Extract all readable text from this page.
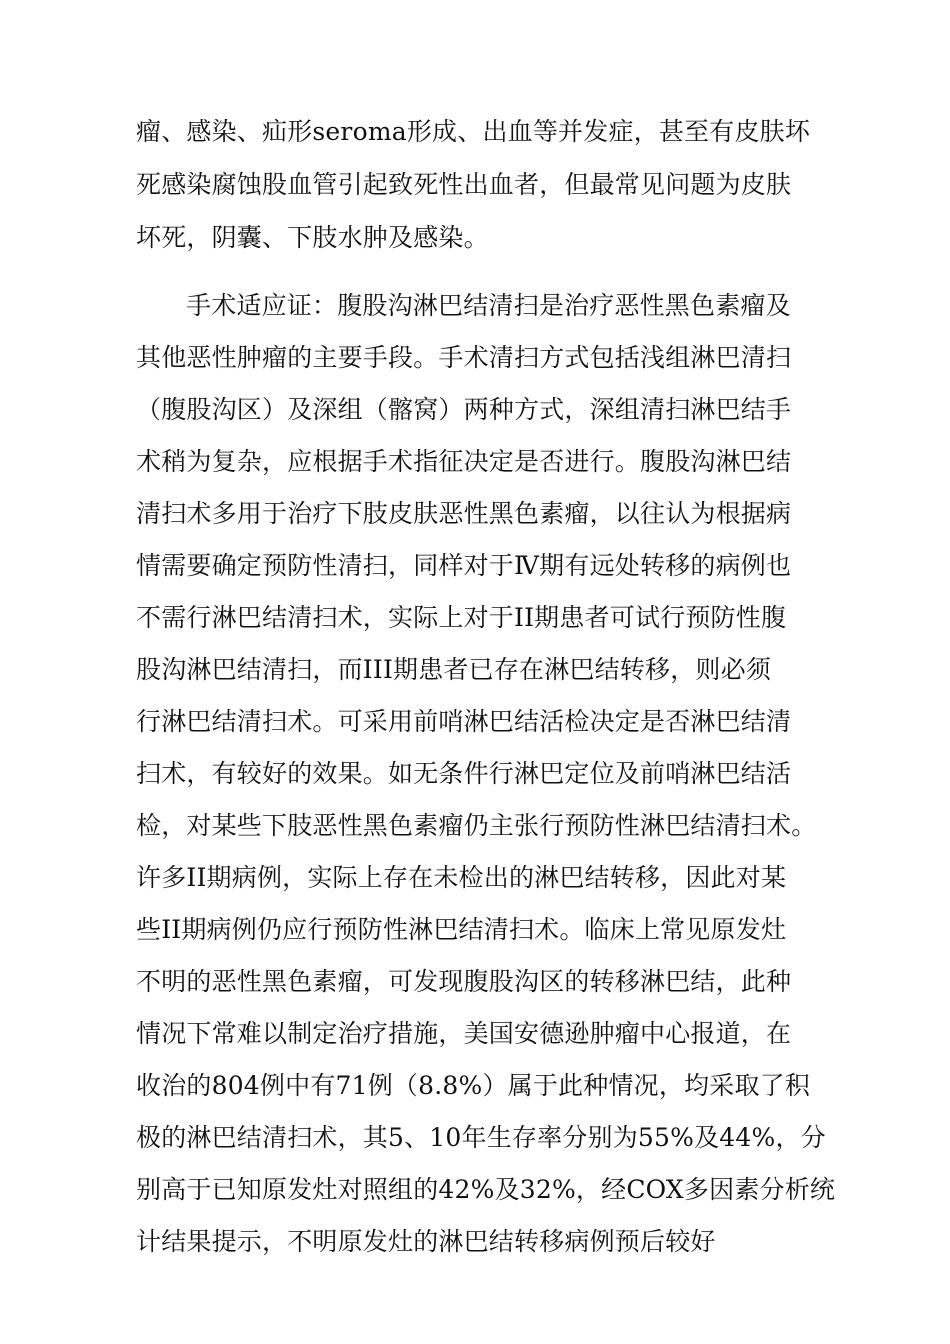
瘤、感染、疝形seroma形成、出血等并发症，甚至有皮肤坏
死感染腐蚀股血管引起致死性出血者，但最常见问题为皮肤
坏死，阴囊、下肢水肿及感染。
手术适应证：腹股沟淋巴结清扫是治疗恶性黑色素瘤及
其他恶性肿瘤的主要手段。手术清扫方式包括浅组淋巴清扫
（腹股沟区）及深组（髂窝）两种方式，深组清扫淋巴结手
术稍为复杂，应根据手术指征决定是否进行。腹股沟淋巴结
清扫术多用于治疗下肢皮肤恶性黑色素瘤，以往认为根据病
情需要确定预防性清扫，同样对于Ⅳ期有远处转移的病例也
不需行淋巴结清扫术，实际上对于II期患者可试行预防性腹
股沟淋巴结清扫，而III期患者已存在淋巴结转移，则必须
行淋巴结清扫术。可采用前哨淋巴结活检决定是否淋巴结清
扫术，有较好的效果。如无条件行淋巴定位及前哨淋巴结活
检，对某些下肢恶性黑色素瘤仍主张行预防性淋巴结清扫术。
许多II期病例，实际上存在未检出的淋巴结转移，因此对某
些II期病例仍应行预防性淋巴结清扫术。临床上常见原发灶
不明的恶性黑色素瘤，可发现腹股沟区的转移淋巴结，此种
情况下常难以制定治疗措施，美国安德逊肿瘤中心报道，在
收治的804例中有71例（8.8%）属于此种情况，均采取了积
极的淋巴结清扫术，其5、10年生存率分别为55%及44%，分
别高于已知原发灶对照组的42%及32%，经COX多因素分析统
计结果提示，不明原发灶的淋巴结转移病例预后较好
